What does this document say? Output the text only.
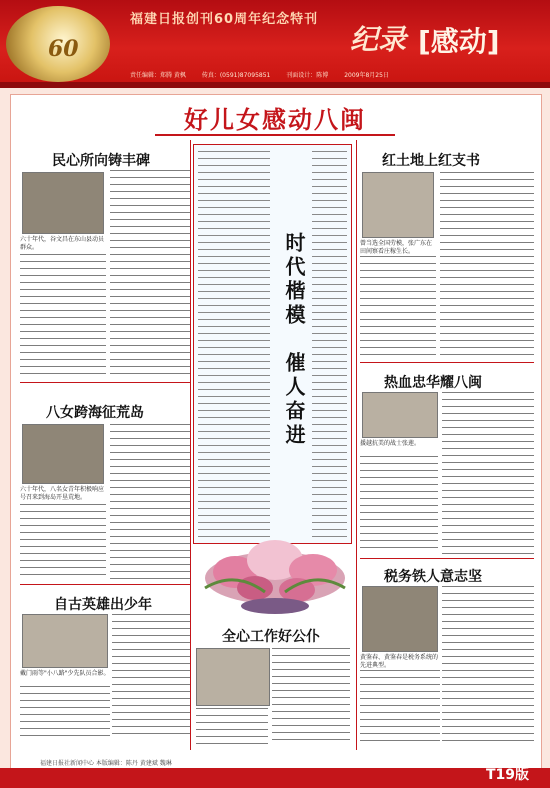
60
福建日报创刊60周年纪念特刊
纪录 [感动]
责任编辑：郑腾 黄枫	传真：(0591)87095851	刊面设计：陈博	2009年8月25日
好儿女感动八闽
民心所向铸丰碑
六十年代，谷文昌在东山县动员群众。
八女跨海征荒岛
六十年代，八名女青年积极响应号召来到海岛开垦荒地。
自古英雄出少年
戴门雨等"小八路"少先队员合影。
时代楷模　催人奋进
全心工作好公仆
红土地上红支书
曾当选全国劳模，张广东在田间察看庄稼生长。
热血忠华耀八闽
援越抗美的战士张莲。
税务铁人意志坚
黄鉴春、黄鉴春是税务系统的先进典型。
福建日报社新闻中心 本版编辑：陈丹 黄建斌 魏琳	福建日报
T19版
